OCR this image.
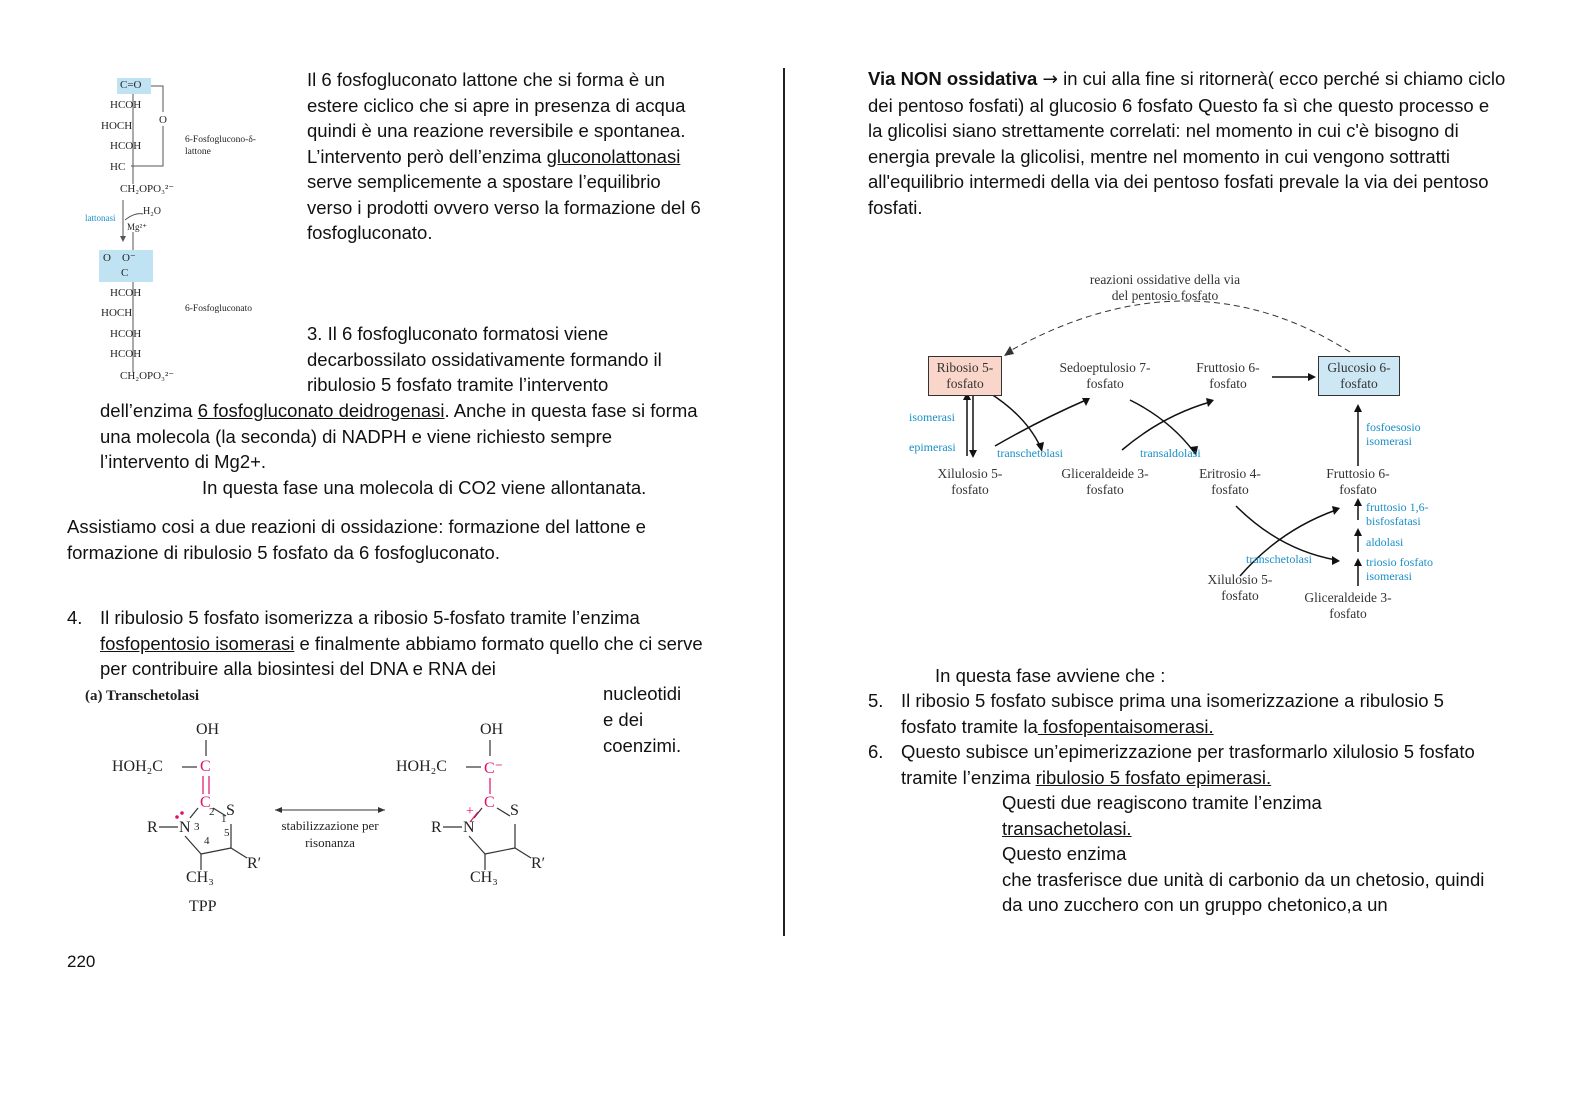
C=O
HCOH
HOCH
HCOH
HC
CH₂OPO₃²⁻
O
6-Fosfoglucono-δ-lattone
lattonasi
H₂O
Mg²⁺
O    O⁻
C
HCOH
HOCH
HCOH
HCOH
CH₂OPO₃²⁻
6-Fosfogluconato
Il 6 fosfogluconato lattone che si forma è un estere ciclico che si apre in presenza di acqua quindi è una reazione reversibile e spontanea. L’intervento però dell’enzima gluconolattonasi serve semplicemente a spostare l’equilibrio verso i prodotti ovvero verso la formazione del 6 fosfogluconato.
3. Il 6 fosfogluconato formatosi viene decarbossilato ossidativamente formando il ribulosio 5 fosfato tramite l’intervento
dell’enzima 6 fosfogluconato deidrogenasi. Anche in questa fase si forma una molecola (la seconda) di NADPH e viene richiesto sempre l’intervento di Mg2+.
In questa fase una molecola di CO2 viene allontanata.
Assistiamo cosi a due reazioni di ossidazione: formazione del lattone e formazione di ribulosio 5 fosfato da 6 fosfogluconato.
4. Il ribulosio 5 fosfato isomerizza a ribosio 5-fosfato tramite l’enzima fosfopentosio isomerasi e finalmente abbiamo formato quello che ci serve per contribuire alla biosintesi del DNA e RNA dei
nucleotidi
e dei
coenzimi.
(a) Transchetolasi
OH
HOH₂C C
C S
R N
2
1
3 5
4
R′
CH₃
TPP
stabilizzazione per risonanza
OH
HOH₂C C⁻
C S
+
R N
R′
CH₃
220
Via NON ossidativa → in cui alla fine si ritornerà( ecco perché si chiamo ciclo dei pentoso fosfati) al glucosio 6 fosfato Questo fa sì che questo processo e la glicolisi siano strettamente correlati: nel momento in cui c'è bisogno di energia prevale la glicolisi, mentre nel momento in cui vengono sottratti all'equilibrio intermedi della via dei pentoso fosfati prevale la via dei pentoso fosfati.
reazioni ossidative della via del pentosio fosfato
Ribosio 5-fosfato
Sedoeptulosio 7-fosfato
Fruttosio 6-fosfato
Glucosio 6-fosfato
isomerasi
epimerasi	transchetolasi	transaldolasi
fosfoesosio isomerasi
Xilulosio 5-fosfato
Gliceraldeide 3-fosfato
Eritrosio 4-fosfato
Fruttosio 6-fosfato
fruttosio 1,6-bisfosfatasi
aldolasi
triosio fosfato isomerasi
transchetolasi
Xilulosio 5-fosfato	Gliceraldeide 3-fosfato
In questa fase avviene che :
5. Il ribosio 5 fosfato subisce prima una isomerizzazione a ribulosio 5 fosfato tramite la fosfopentaisomerasi.
6. Questo subisce un’epimerizzazione per trasformarlo xilulosio 5 fosfato tramite l’enzima ribulosio 5 fosfato epimerasi.
Questi due reagiscono tramite l’enzima
transachetolasi.
Questo enzima
che trasferisce due unità di carbonio da un chetosio, quindi da uno zucchero con un gruppo chetonico,a un
